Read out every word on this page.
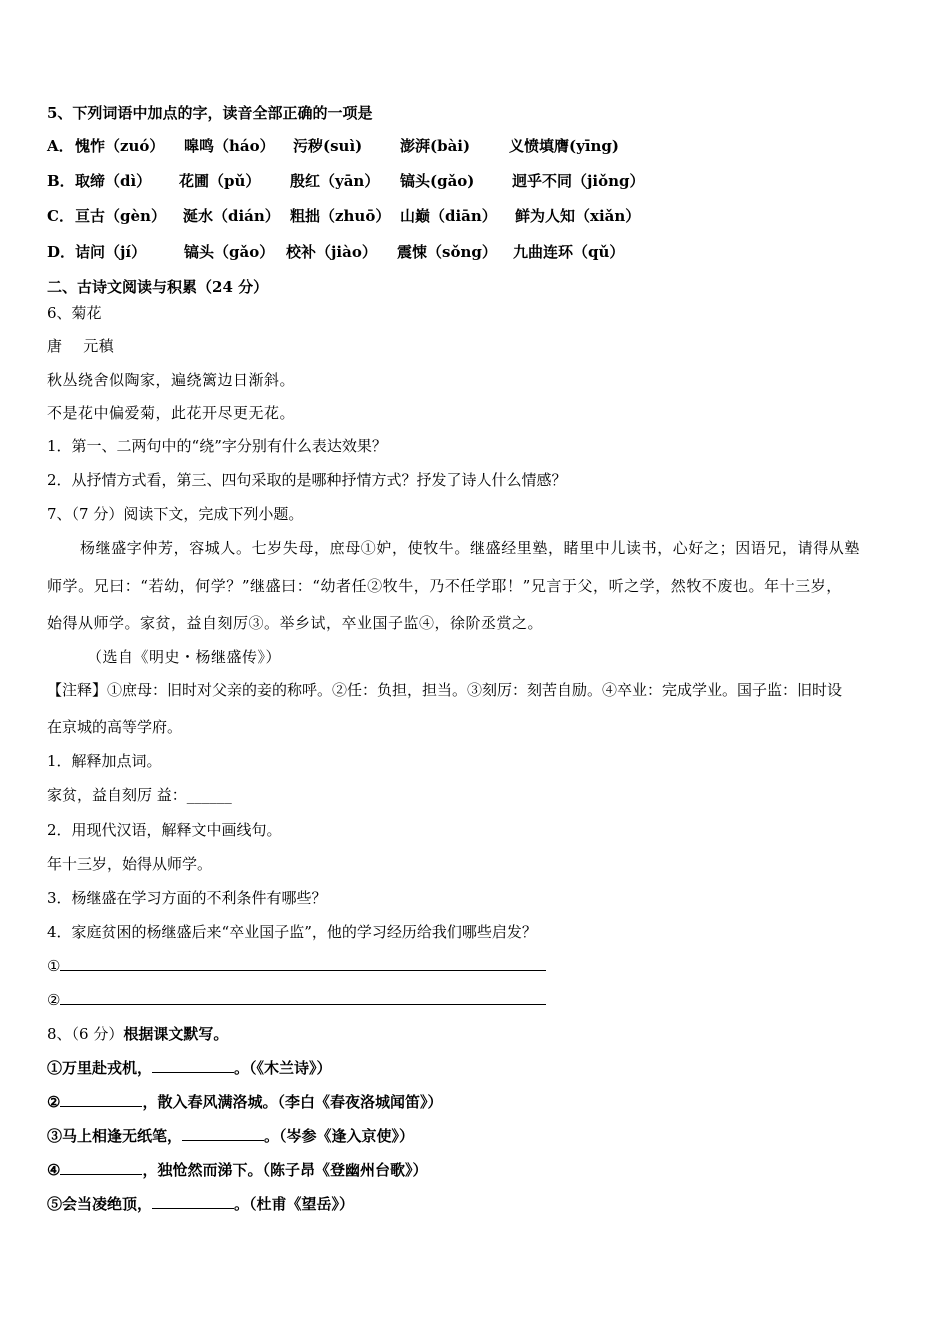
5、下列词语中加点的字，读音全部正确的一项是
A． 愧怍（zuó） 嗥鸣（háo） 污秽(suì)	澎湃(bài)	义愤填膺(yīng)
B． 取缔（dì） 花圃（pǔ） 殷红（yān） 镐头(gǎo)	迥乎不同（jiǒng）
C． 亘古（gèn） 涎水（dián） 粗拙（zhuō） 山巅（diān） 鲜为人知（xiǎn）
D． 诘问（jí）	镐头（gǎo） 校补（jiào） 震悚（sǒng） 九曲连环（qǔ）
二、古诗文阅读与积累（24 分）
6、菊花
唐　 元稹
秋丛绕舍似陶家，遍绕篱边日渐斜。
不是花中偏爱菊，此花开尽更无花。
1．第一、二两句中的“绕”字分别有什么表达效果？
2．从抒情方式看，第三、四句采取的是哪种抒情方式？抒发了诗人什么情感？
7、（7 分）阅读下文，完成下列小题。
杨继盛字仲芳，容城人。七岁失母，庶母①妒，使牧牛。继盛经里塾，睹里中儿读书，心好之；因语兄，请得从塾
师学。兄曰：“若幼，何学？”继盛曰：“幼者任②牧牛，乃不任学耶！”兄言于父，听之学，然牧不废也。年十三岁，
始得从师学。家贫，益自刻厉③。举乡试，卒业国子监④，徐阶丞赏之。
（选自《明史・杨继盛传》）
【注释】①庶母：旧时对父亲的妾的称呼。②任：负担，担当。③刻厉：刻苦自励。④卒业：完成学业。国子监：旧时设
在京城的高等学府。
1．解释加点词。
家贫，益自刻厉 益：______
2．用现代汉语，解释文中画线句。
年十三岁，始得从师学。
3．杨继盛在学习方面的不利条件有哪些？
4．家庭贫困的杨继盛后来“卒业国子监”，他的学习经历给我们哪些启发？
①
②
8、（6 分）根据课文默写。
①万里赴戎机，	。（《木兰诗》）
②	，散入春风满洛城。（李白《春夜洛城闻笛》）
③马上相逢无纸笔，	。（岑参《逢入京使》）
④	，独怆然而涕下。（陈子昂《登幽州台歌》）
⑤会当凌绝顶，	。（杜甫《望岳》）
